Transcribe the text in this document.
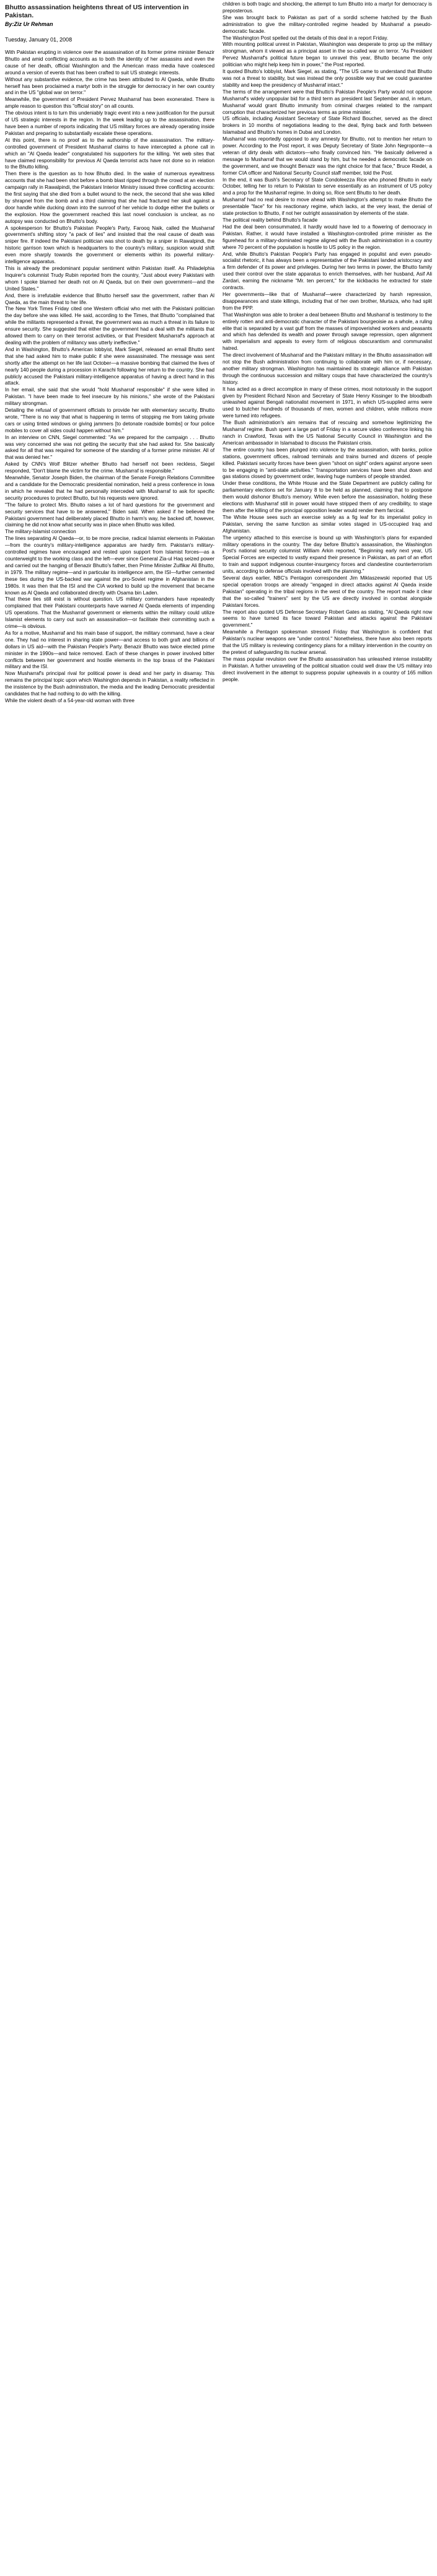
Bhutto assassination heightens threat of US intervention in Pakistan.
By:Ziz Ur Rehman
Tuesday, January 01, 2008

With Pakistan erupting in violence over the assassination of its former prime minister Benazir Bhutto and amid conflicting accounts as to both the identity of her assassins and even the cause of her death, official Washington and the American mass media have coalesced around a version of events that has been crafted to suit US strategic interests.

Without any substantive evidence, the crime has been attributed to Al Qaeda, while Bhutto herself has been proclaimed a martyr both in the struggle for democracy in her own country and in the US "global war on terror."

Meanwhile, the government of President Pervez Musharraf has been exonerated. There is ample reason to question this "official story" on all counts.

The obvious intent is to turn this undeniably tragic event into a new justification for the pursuit of US strategic interests in the region. In the week leading up to the assassination, there have been a number of reports indicating that US military forces are already operating inside Pakistan and preparing to substantially escalate these operations.

At this point, there is no proof as to the authorship of the assassination. The military-controlled government of President Musharraf claims to have intercepted a phone call in which an "Al Qaeda leader" congratulated his supporters for the killing. Yet web sites that have claimed responsibility for previous Al Qaeda terrorist acts have not done so in relation to the Bhutto killing.

Then there is the question as to how Bhutto died. In the wake of numerous eyewitness accounts that she had been shot before a bomb blast ripped through the crowd at an election campaign rally in Rawalpindi, the Pakistani Interior Ministry issued three conflicting accounts: the first saying that she died from a bullet wound to the neck, the second that she was killed by shrapnel from the bomb and a third claiming that she had fractured her skull against a door handle while ducking down into the sunroof of her vehicle to dodge either the bullets or the explosion. How the government reached this last novel conclusion is unclear, as no autopsy was conducted on Bhutto's body.

A spokesperson for Bhutto's Pakistan People's Party, Farooq Naik, called the Musharraf government's shifting story "a pack of lies" and insisted that the real cause of death was sniper fire. If indeed the Pakistani politician was shot to death by a sniper in Rawalpindi, the historic garrison town which is headquarters to the country's military, suspicion would shift even more sharply towards the government or elements within its powerful military-intelligence apparatus.

This is already the predominant popular sentiment within Pakistan itself. As Philadelphia Inquirer's columnist Trudy Rubin reported from the country, "Just about every Pakistani with whom I spoke blamed her death not on Al Qaeda, but on their own government—and the United States."

And, there is irrefutable evidence that Bhutto herself saw the government, rather than Al Qaeda, as the main threat to her life.

The New York Times Friday cited one Western official who met with the Pakistani politician the day before she was killed. He said, according to the Times, that Bhutto "complained that while the militants represented a threat, the government was as much a threat in its failure to ensure security. She suggested that either the government had a deal with the militants that allowed them to carry on their terrorist activities, or that President Musharraf's approach at dealing with the problem of militancy was utterly ineffective."

And in Washington, Bhutto's American lobbyist, Mark Siegel, released an email Bhutto sent that she had asked him to make public if she were assassinated. The message was sent shortly after the attempt on her life last October—a massive bombing that claimed the lives of nearly 140 people during a procession in Karachi following her return to the country. She had publicly accused the Pakistani military-intelligence apparatus of having a direct hand in this attack.

In her email, she said that she would "hold Musharraf responsible" if she were killed in Pakistan. "I have been made to feel insecure by his minions," she wrote of the Pakistani military strongman.

Detailing the refusal of government officials to provide her with elementary security, Bhutto wrote, "There is no way that what is happening in terms of stopping me from taking private cars or using tinted windows or giving jammers [to detonate roadside bombs] or four police mobiles to cover all sides could happen without him."

In an interview on CNN, Siegel commented: "As we prepared for the campaign . . . Bhutto was very concerned she was not getting the security that she had asked for. She basically asked for all that was required for someone of the standing of a former prime minister. All of that was denied her."

Asked by CNN's Wolf Blitzer whether Bhutto had herself not been reckless, Siegel responded, "Don't blame the victim for the crime. Musharraf is responsible."

Meanwhile, Senator Joseph Biden, the chairman of the Senate Foreign Relations Committee and a candidate for the Democratic presidential nomination, held a press conference in Iowa in which he revealed that he had personally interceded with Musharraf to ask for specific security procedures to protect Bhutto, but his requests were ignored.

"The failure to protect Mrs. Bhutto raises a lot of hard questions for the government and security services that have to be answered," Biden said. When asked if he believed the Pakistani government had deliberately placed Bhutto in harm's way, he backed off, however, claiming he did not know what security was in place when Bhutto was killed.

The military-Islamist connection

The lines separating Al Qaeda—or, to be more precise, radical Islamist elements in Pakistan—from the country's military-intelligence apparatus are hardly firm. Pakistan's military-controlled regimes have encouraged and rested upon support from Islamist forces—as a counterweight to the working class and the left—ever since General Zia-ul Haq seized power and carried out the hanging of Benazir Bhutto's father, then Prime Minister Zulfikar Ali Bhutto, in 1979. The military regime—and in particular its intelligence arm, the ISI—further cemented these ties during the US-backed war against the pro-Soviet regime in Afghanistan in the 1980s. It was then that the ISI and the CIA worked to build up the movement that became known as Al Qaeda and collaborated directly with Osama bin Laden.

That these ties still exist is without question. US military commanders have repeatedly complained that their Pakistani counterparts have warned Al Qaeda elements of impending US operations. That the Musharraf government or elements within the military could utilize Islamist elements to carry out such an assassination—or facilitate their committing such a crime—is obvious.

As for a motive, Musharraf and his main base of support, the military command, have a clear one. They had no interest in sharing state power—and access to both graft and billions of dollars in US aid—with the Pakistan People's Party. Benazir Bhutto was twice elected prime minister in the 1990s—and twice removed. Each of these changes in power involved bitter conflicts between her government and hostile elements in the top brass of the Pakistani military and the ISI.

Now Musharraf's principal rival for political power is dead and her party in disarray. This remains the principal topic upon which Washington depends in Pakistan, a reality reflected in the insistence by the Bush administration, the media and the leading Democratic presidential candidates that he had nothing to do with the killing.

While the violent death of a 54-year-old woman with three

children is both tragic and shocking, the attempt to turn Bhutto into a martyr for democracy is preposterous.

She was brought back to Pakistan as part of a sordid scheme hatched by the Bush administration to give the military-controlled regime headed by Musharraf a pseudo-democratic facade.

The Washington Post spelled out the details of this deal in a report Friday.

With mounting political unrest in Pakistan, Washington was desperate to prop up the military strongman, whom it viewed as a principal asset in the so-called war on terror. "As President Pervez Musharraf's political future began to unravel this year, Bhutto became the only politician who might help keep him in power," the Post reported.

It quoted Bhutto's lobbyist, Mark Siegel, as stating, "The US came to understand that Bhutto was not a threat to stability, but was instead the only possible way that we could guarantee stability and keep the presidency of Musharraf intact."

The terms of the arrangement were that Bhutto's Pakistan People's Party would not oppose Musharraf's widely unpopular bid for a third term as president last September and, in return, Musharraf would grant Bhutto immunity from criminal charges related to the rampant corruption that characterized her previous terms as prime minister.

US officials, including Assistant Secretary of State Richard Boucher, served as the direct brokers in 10 months of negotiations leading to the deal, flying back and forth between Islamabad and Bhutto's homes in Dubai and London.

Musharraf was reportedly opposed to any amnesty for Bhutto, not to mention her return to power. According to the Post report, it was Deputy Secretary of State John Negroponte—a veteran of dirty deals with dictators—who finally convinced him. "He basically delivered a message to Musharraf that we would stand by him, but he needed a democratic facade on the government, and we thought Benazir was the right choice for that face," Bruce Riedel, a former CIA officer and National Security Council staff member, told the Post.

In the end, it was Bush's Secretary of State Condoleezza Rice who phoned Bhutto in early October, telling her to return to Pakistan to serve essentially as an instrument of US policy and a prop for the Musharraf regime. In doing so, Rice sent Bhutto to her death.

Musharraf had no real desire to move ahead with Washington's attempt to make Bhutto the presentable "face" for his reactionary regime, which lacks, at the very least, the denial of state protection to Bhutto, if not her outright assassination by elements of the state.

The political reality behind Bhutto's facade

Had the deal been consummated, it hardly would have led to a flowering of democracy in Pakistan. Rather, it would have installed a Washington-controlled prime minister as the figurehead for a military-dominated regime aligned with the Bush administration in a country where 70 percent of the population is hostile to US policy in the region.

And, while Bhutto's Pakistan People's Party has engaged in populist and even pseudo-socialist rhetoric, it has always been a representative of the Pakistani landed aristocracy and a firm defender of its power and privileges. During her two terms in power, the Bhutto family used their control over the state apparatus to enrich themselves, with her husband, Asif Ali Zardari, earning the nickname "Mr. ten percent," for the kickbacks he extracted for state contracts.

Her governments—like that of Musharraf—were characterized by harsh repression, disappearances and state killings, including that of her own brother, Murtaza, who had split from the PPP.

That Washington was able to broker a deal between Bhutto and Musharraf is testimony to the entirely rotten and anti-democratic character of the Pakistani bourgeoisie as a whole, a ruling elite that is separated by a vast gulf from the masses of impoverished workers and peasants and which has defended its wealth and power through savage repression, open alignment with imperialism and appeals to every form of religious obscurantism and communalist hatred.

The direct involvement of Musharraf and the Pakistani military in the Bhutto assassination will not stop the Bush administration from continuing to collaborate with him or, if necessary, another military strongman. Washington has maintained its strategic alliance with Pakistan through the continuous succession and military coups that have characterized the country's history.

It has acted as a direct accomplice in many of these crimes, most notoriously in the support given by President Richard Nixon and Secretary of State Henry Kissinger to the bloodbath unleashed against Bengali nationalist movement in 1971, in which US-supplied arms were used to butcher hundreds of thousands of men, women and children, while millions more were turned into refugees.

The Bush administration's aim remains that of rescuing and somehow legitimizing the Musharraf regime. Bush spent a large part of Friday in a secure video conference linking his ranch in Crawford, Texas with the US National Security Council in Washington and the American ambassador in Islamabad to discuss the Pakistani crisis.

The entire country has been plunged into violence by the assassination, with banks, police stations, government offices, railroad terminals and trains burned and dozens of people killed. Pakistani security forces have been given "shoot on sight" orders against anyone seen to be engaging in "anti-state activities." Transportation services have been shut down and gas stations closed by government order, leaving huge numbers of people stranded.

Under these conditions, the White House and the State Department are publicly calling for parliamentary elections set for January 8 to be held as planned, claiming that to postpone them would dishonor Bhutto's memory. While even before the assassination, holding these elections with Musharraf still in power would have stripped them of any credibility, to stage them after the killing of the principal opposition leader would render them farcical.

The White House sees such an exercise solely as a fig leaf for its imperialist policy in Pakistan, serving the same function as similar votes staged in US-occupied Iraq and Afghanistan.

The urgency attached to this exercise is bound up with Washington's plans for expanded military operations in the country. The day before Bhutto's assassination, the Washington Post's national security columnist William Arkin reported, "Beginning early next year, US Special Forces are expected to vastly expand their presence in Pakistan, as part of an effort to train and support indigenous counter-insurgency forces and clandestine counterterrorism units, according to defense officials involved with the planning."

Several days earlier, NBC's Pentagon correspondent Jim Miklaszewski reported that US special operation troops are already "engaged in direct attacks against Al Qaeda inside Pakistan" operating in the tribal regions in the west of the country. The report made it clear that the so-called "trainers" sent by the US are directly involved in combat alongside Pakistani forces.

The report also quoted US Defense Secretary Robert Gates as stating, "Al Qaeda right now seems to have turned its face toward Pakistan and attacks against the Pakistani government."

Meanwhile a Pentagon spokesman stressed Friday that Washington is confident that Pakistan's nuclear weapons are "under control." Nonetheless, there have also been reports that the US military is reviewing contingency plans for a military intervention in the country on the pretext of safeguarding its nuclear arsenal.

The mass popular revulsion over the Bhutto assassination has unleashed intense instability in Pakistan. A further unraveling of the political situation could well draw the US military into direct involvement in the attempt to suppress popular upheavals in a country of 165 million people.
